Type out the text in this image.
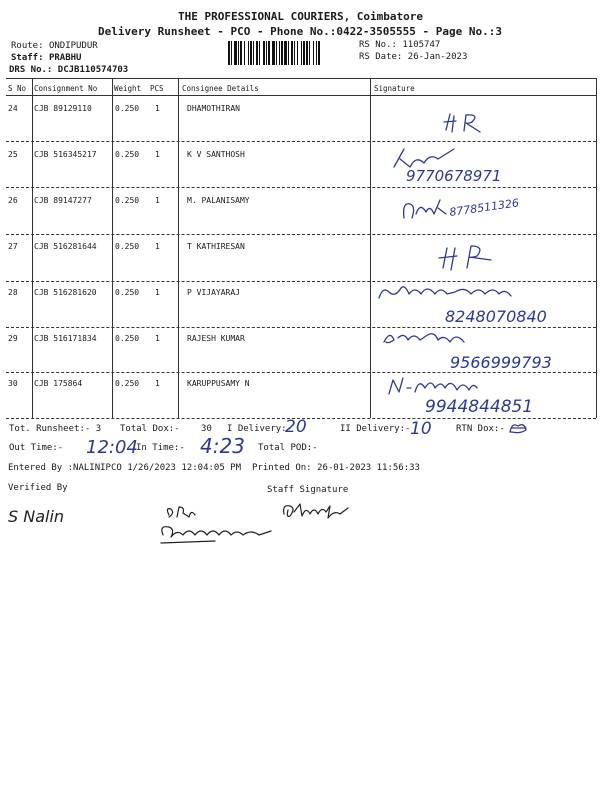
THE PROFESSIONAL COURIERS, Coimbatore
Delivery Runsheet - PCO - Phone No.:0422-3505555 - Page No.:3
Route: ONDIPUDUR
Staff: PRABHU
DRS No.: DCJB110574703
RS No.: 1105747
RS Date: 26-Jan-2023
S No Consignment No Weight PCS Consignee Details	Signature
24 CJB 89129110	0.250 1	DHAMOTHIRAN
25 CJB 516345217 0.250 1	K V SANTHOSH
9770678971
26 CJB 89147277	0.250 1	M. PALANISAMY	8778511326
27 CJB 516281644 0.250 1	T KATHIRESAN
28 CJB 516281620 0.250 1	P VIJAYARAJ
8248070840
29 CJB 516171834 0.250 1	RAJESH KUMAR
9566999793
30 CJB 175864	0.250 1	KARUPPUSAMY N
9944844851
Tot. Runsheet:- 3 Total Dox:- 30 I Delivery:-
20	II Delivery:- 10	RTN Dox:-
Out Time:- 12:04
In Time:- 4:23 Total POD:-
Entered By :NALINIPCO 1/26/2023 12:04:05 PM Printed On: 26-01-2023 11:56:33
Verified By	Staff Signature
S Nalin
